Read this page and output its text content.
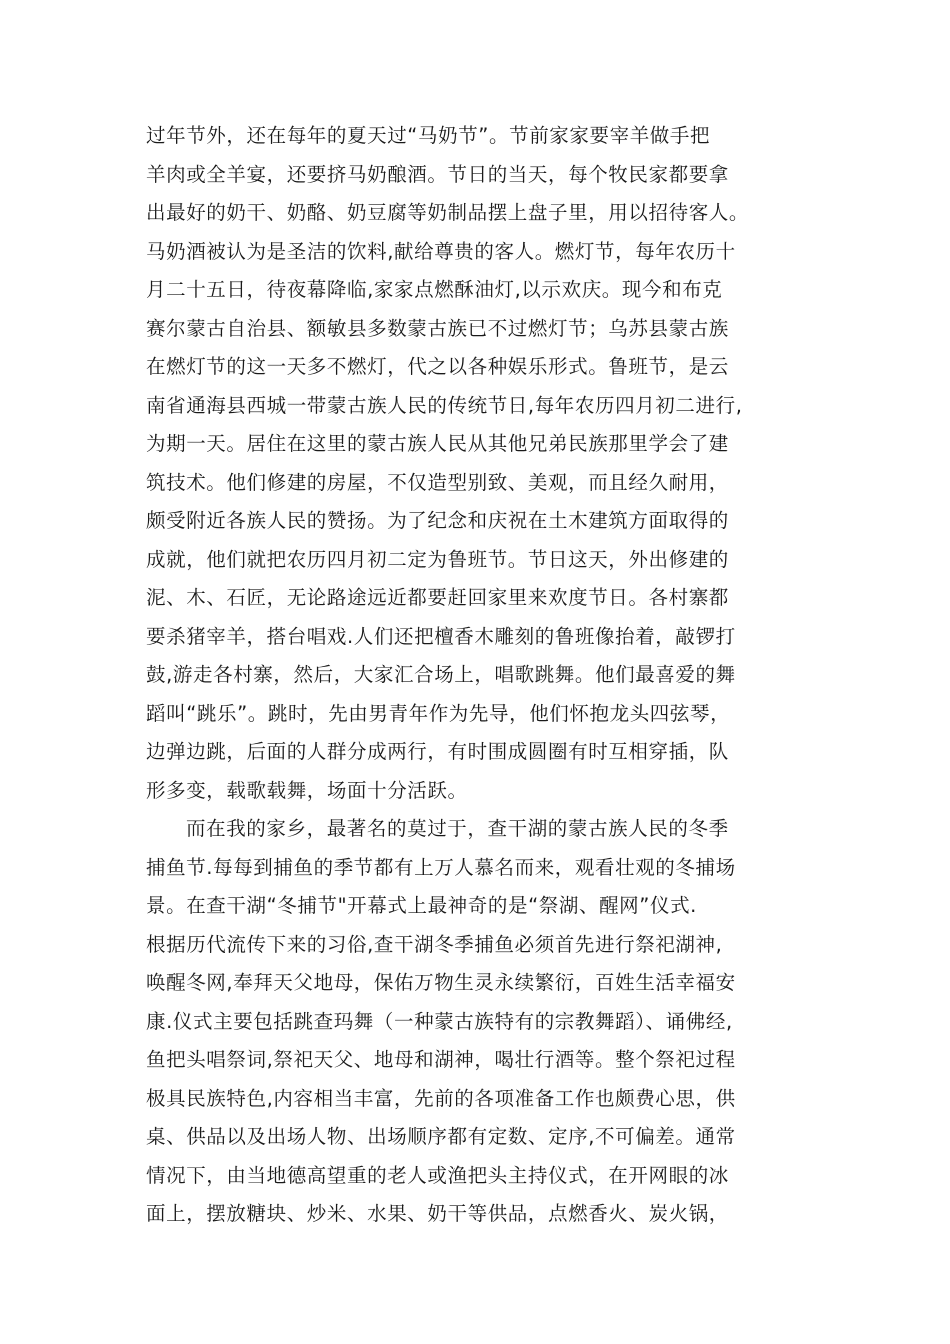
过年节外，还在每年的夏天过“马奶节”。节前家家要宰羊做手把
羊肉或全羊宴，还要挤马奶酿酒。节日的当天，每个牧民家都要拿
出最好的奶干、奶酪、奶豆腐等奶制品摆上盘子里，用以招待客人。
马奶酒被认为是圣洁的饮料,献给尊贵的客人。燃灯节，每年农历十
月二十五日，待夜幕降临,家家点燃酥油灯,以示欢庆。现今和布克
赛尔蒙古自治县、额敏县多数蒙古族已不过燃灯节；乌苏县蒙古族
在燃灯节的这一天多不燃灯，代之以各种娱乐形式。鲁班节，是云
南省通海县西城一带蒙古族人民的传统节日,每年农历四月初二进行,
为期一天。居住在这里的蒙古族人民从其他兄弟民族那里学会了建
筑技术。他们修建的房屋，不仅造型别致、美观，而且经久耐用，
颇受附近各族人民的赞扬。为了纪念和庆祝在土木建筑方面取得的
成就，他们就把农历四月初二定为鲁班节。节日这天，外出修建的
泥、木、石匠，无论路途远近都要赶回家里来欢度节日。各村寨都
要杀猪宰羊，搭台唱戏.人们还把檀香木雕刻的鲁班像抬着，敲锣打
鼓,游走各村寨，然后，大家汇合场上，唱歌跳舞。他们最喜爱的舞
蹈叫“跳乐”。跳时，先由男青年作为先导，他们怀抱龙头四弦琴，
边弹边跳，后面的人群分成两行，有时围成圆圈有时互相穿插，队
形多变，载歌载舞，场面十分活跃。
而在我的家乡，最著名的莫过于，查干湖的蒙古族人民的冬季
捕鱼节.每每到捕鱼的季节都有上万人慕名而来，观看壮观的冬捕场
景。在查干湖“冬捕节"开幕式上最神奇的是“祭湖、醒网”仪式.
根据历代流传下来的习俗,查干湖冬季捕鱼必须首先进行祭祀湖神,
唤醒冬网,奉拜天父地母，保佑万物生灵永续繁衍，百姓生活幸福安
康.仪式主要包括跳查玛舞（一种蒙古族特有的宗教舞蹈）、诵佛经,
鱼把头唱祭词,祭祀天父、地母和湖神，喝壮行酒等。整个祭祀过程
极具民族特色,内容相当丰富，先前的各项准备工作也颇费心思，供
桌、供品以及出场人物、出场顺序都有定数、定序,不可偏差。通常
情况下，由当地德高望重的老人或渔把头主持仪式，在开网眼的冰
面上，摆放糖块、炒米、水果、奶干等供品，点燃香火、炭火锅，
